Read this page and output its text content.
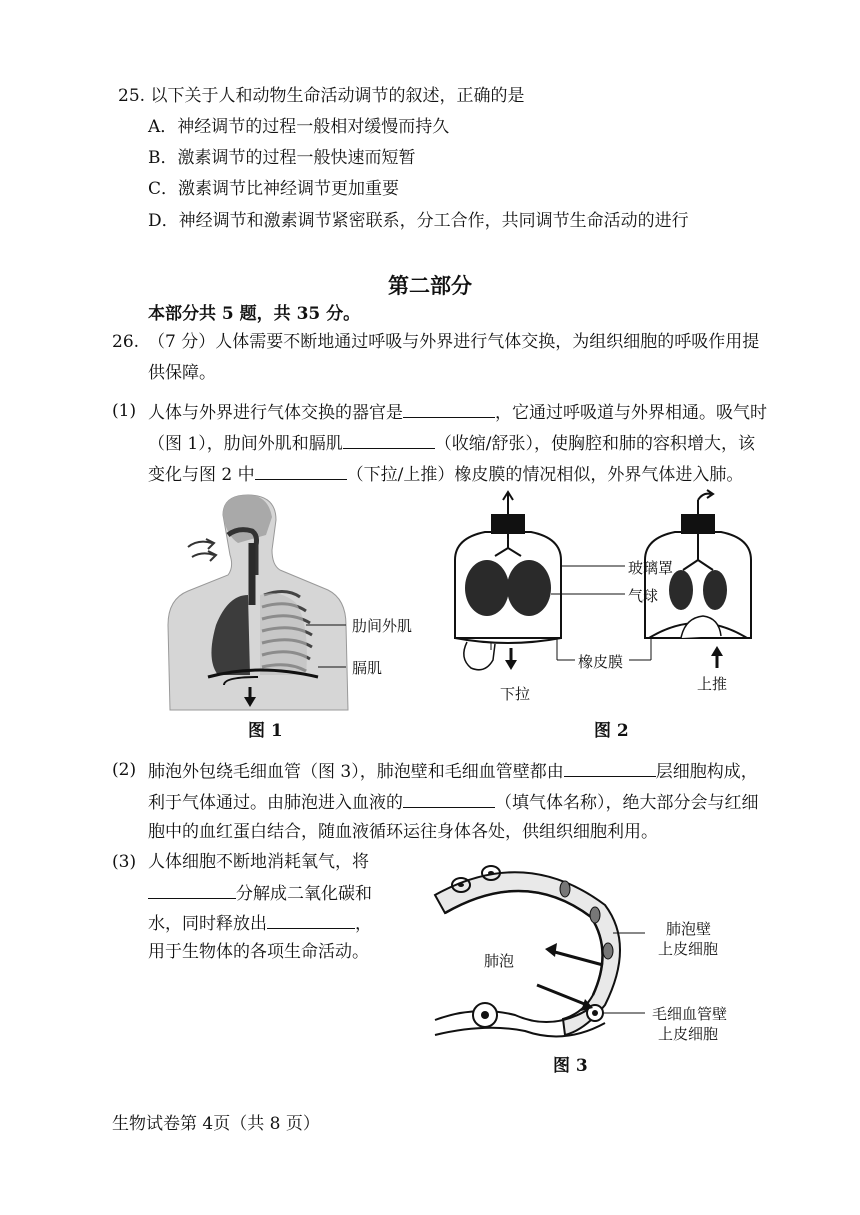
25. 以下关于人和动物生命活动调节的叙述，正确的是
A．神经调节的过程一般相对缓慢而持久
B．激素调节的过程一般快速而短暂
C．激素调节比神经调节更加重要
D．神经调节和激素调节紧密联系，分工合作，共同调节生命活动的进行
第二部分
本部分共 5 题，共 35 分。
26. （7 分）人体需要不断地通过呼吸与外界进行气体交换，为组织细胞的呼吸作用提
供保障。
(1) 人体与外界进行气体交换的器官是	，它通过呼吸道与外界相通。吸气时
（图 1），肋间外肌和膈肌	（收缩/舒张），使胸腔和肺的容积增大，该
变化与图 2 中	（下拉/上推）橡皮膜的情况相似，外界气体进入肺。
肋间外肌
膈肌
图 1
玻璃罩
气球
橡皮膜
下拉
上推
图 2
(2) 肺泡外包绕毛细血管（图 3），肺泡壁和毛细血管壁都由	层细胞构成，
利于气体通过。由肺泡进入血液的	（填气体名称），绝大部分会与红细
胞中的血红蛋白结合，随血液循环运往身体各处，供组织细胞利用。
(3) 人体细胞不断地消耗氧气，将
分解成二氧化碳和
水，同时释放出	，
用于生物体的各项生命活动。	肺泡
肺泡壁
上皮细胞
毛细血管壁
上皮细胞
图 3
生物试卷第 4页（共 8 页）
